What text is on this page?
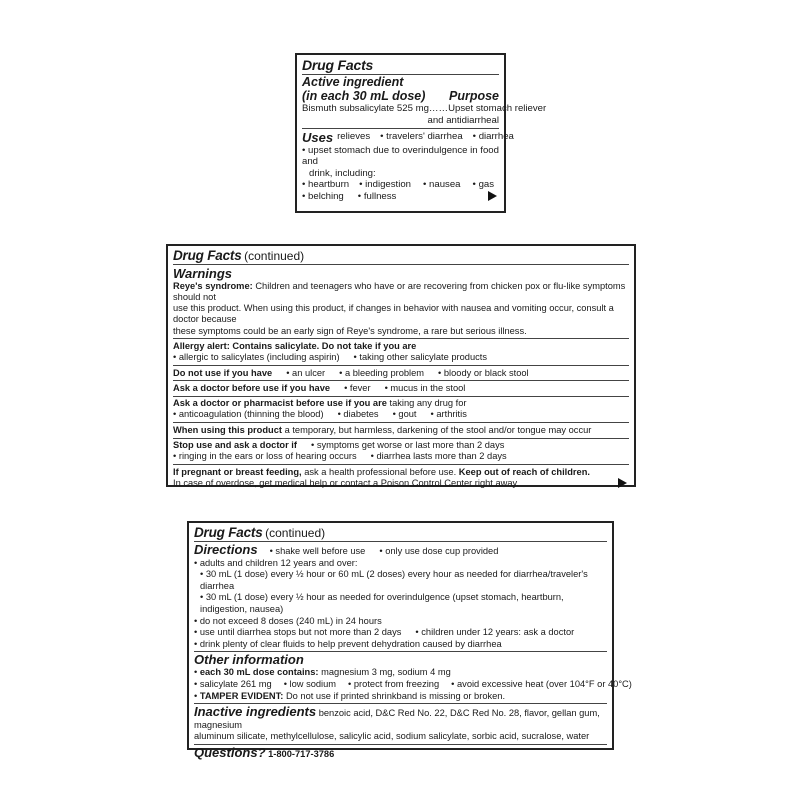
Drug Facts
Active ingredient
(in each 30 mL dose) Purpose
Bismuth subsalicylate 525 mg …… Upset stomach reliever
and antidiarrheal
Uses relieves	• travelers' diarrhea	• diarrhea
• upset stomach due to overindulgence in food and
drink, including:
• heartburn	• indigestion	• nausea	• gas
• belching	• fullness
Drug Facts (continued)
Warnings
Reye's syndrome: Children and teenagers who have or are recovering from chicken pox or flu-like symptoms should not
use this product. When using this product, if changes in behavior with nausea and vomiting occur, consult a doctor because
these symptoms could be an early sign of Reye's syndrome, a rare but serious illness.
Allergy alert: Contains salicylate. Do not take if you are
• allergic to salicylates (including aspirin)	• taking other salicylate products
Do not use if you have	• an ulcer	• a bleeding problem	• bloody or black stool
Ask a doctor before use if you have	• fever	• mucus in the stool
Ask a doctor or pharmacist before use if you are taking any drug for
• anticoagulation (thinning the blood)	• diabetes	• gout	• arthritis
When using this product a temporary, but harmless, darkening of the stool and/or tongue may occur
Stop use and ask a doctor if	• symptoms get worse or last more than 2 days
• ringing in the ears or loss of hearing occurs	• diarrhea lasts more than 2 days
If pregnant or breast feeding, ask a health professional before use. Keep out of reach of children.
In case of overdose, get medical help or contact a Poison Control Center right away.
Drug Facts (continued)
Directions	• shake well before use	• only use dose cup provided
• adults and children 12 years and over:
• 30 mL (1 dose) every ½ hour or 60 mL (2 doses) every hour as needed for diarrhea/traveler's diarrhea
• 30 mL (1 dose) every ½ hour as needed for overindulgence (upset stomach, heartburn, indigestion, nausea)
• do not exceed 8 doses (240 mL) in 24 hours
• use until diarrhea stops but not more than 2 days	• children under 12 years: ask a doctor
• drink plenty of clear fluids to help prevent dehydration caused by diarrhea
Other information
• each 30 mL dose contains: magnesium 3 mg, sodium 4 mg
• salicylate 261 mg	• low sodium	• protect from freezing	• avoid excessive heat (over 104°F or 40°C)
• TAMPER EVIDENT: Do not use if printed shrinkband is missing or broken.
Inactive ingredients benzoic acid, D&C Red No. 22, D&C Red No. 28, flavor, gellan gum, magnesium
aluminum silicate, methylcellulose, salicylic acid, sodium salicylate, sorbic acid, sucralose, water
Questions? 1-800-717-3786
